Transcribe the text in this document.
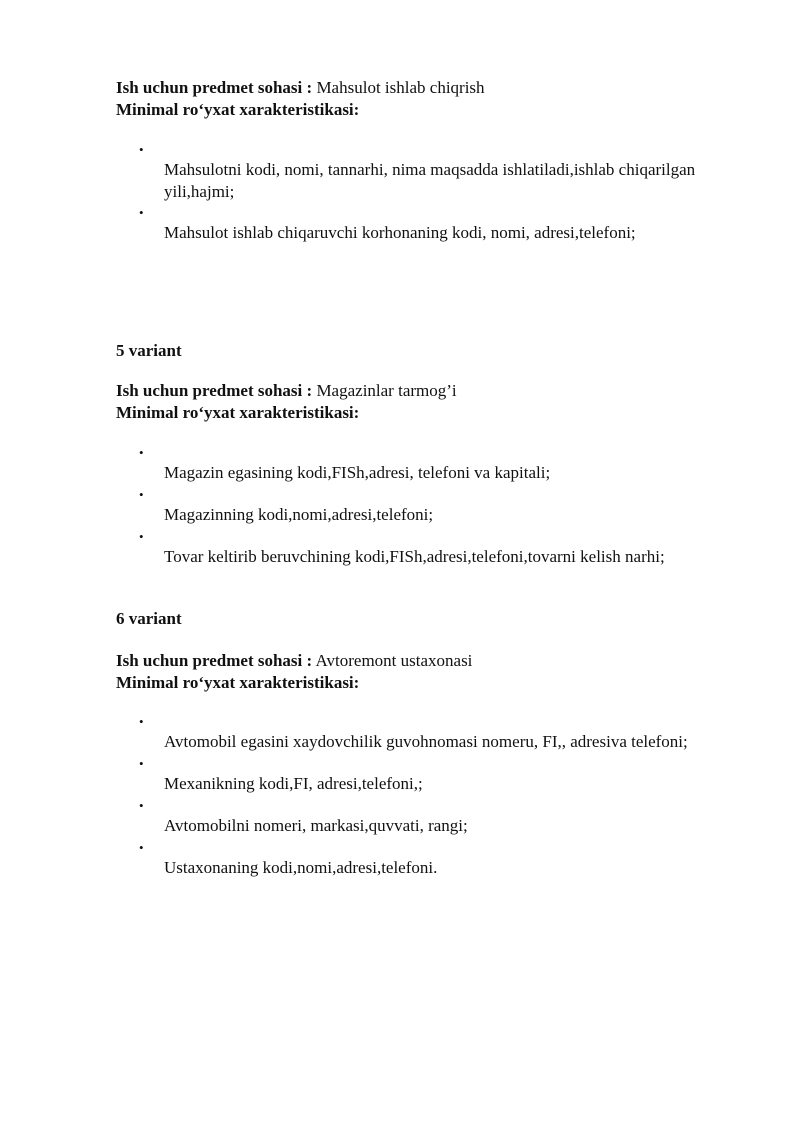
Ish uchun predmet sohasi : Mahsulot ishlab chiqrish
Minimal ro‘yxat xarakteristikasi:
•
Mahsulotni kodi, nomi, tannarhi, nima maqsadda ishlatiladi,ishlab chiqarilgan yili,hajmi;
•
Mahsulot ishlab chiqaruvchi korhonaning kodi, nomi, adresi,telefoni;
5 variant
Ish uchun predmet sohasi : Magazinlar tarmog’i
Minimal ro‘yxat xarakteristikasi:
•
Magazin egasining kodi,FISh,adresi, telefoni va kapitali;
•
Magazinning kodi,nomi,adresi,telefoni;
•
Tovar keltirib beruvchining kodi,FISh,adresi,telefoni,tovarni kelish narhi;
6 variant
Ish uchun predmet sohasi : Avtoremont ustaxonasi
Minimal ro‘yxat xarakteristikasi:
•
Avtomobil egasini xaydovchilik guvohnomasi nomeru, FI,, adresiva telefoni;
•
Mexanikning kodi,FI, adresi,telefoni,;
•
Avtomobilni nomeri, markasi,quvvati, rangi;
•
Ustaxonaning kodi,nomi,adresi,telefoni.
